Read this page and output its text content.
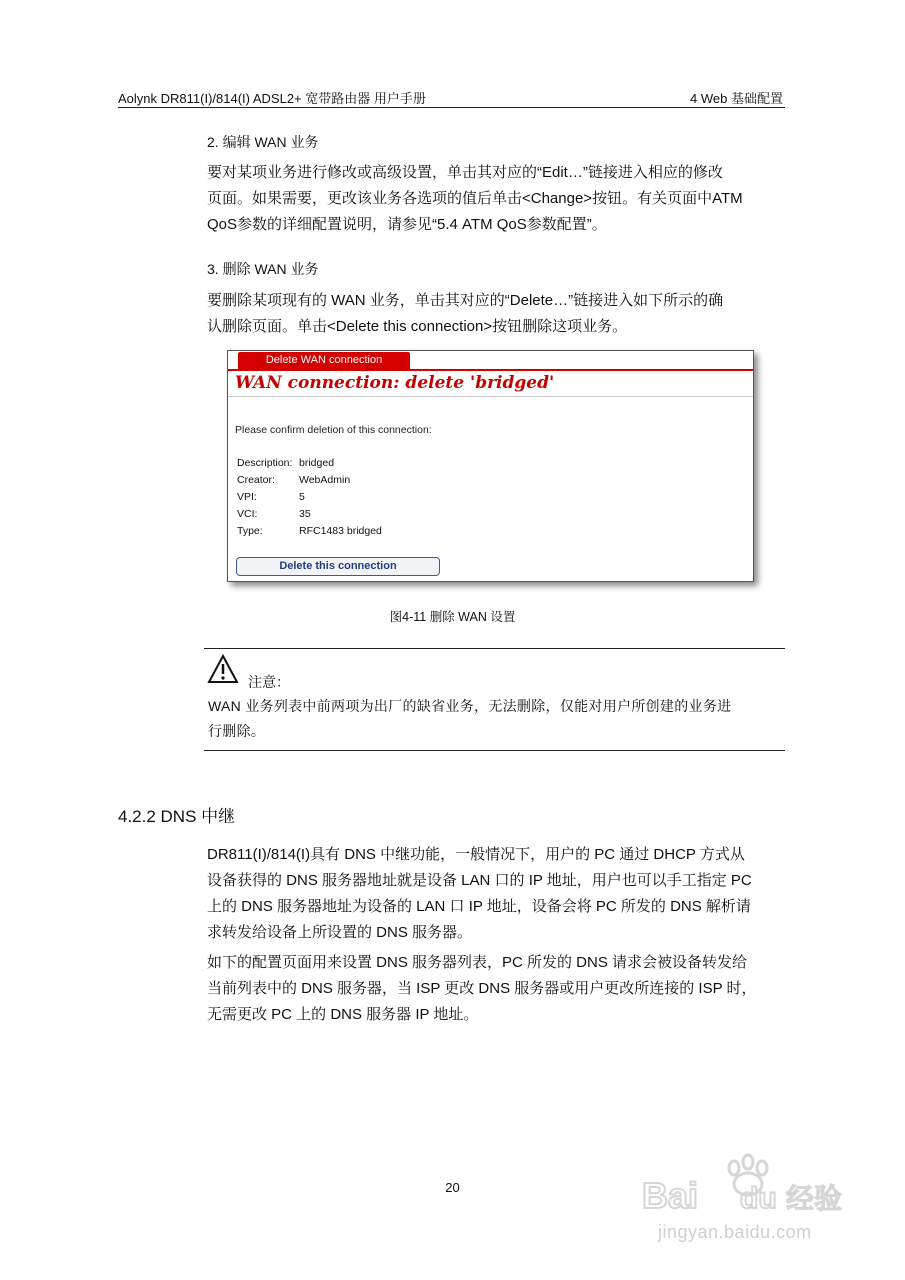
Aolynk DR811(I)/814(I) ADSL2+ 宽带路由器 用户手册	4 Web 基础配置
2. 编辑 WAN 业务
要对某项业务进行修改或高级设置，单击其对应的“Edit…”链接进入相应的修改
页面。如果需要，更改该业务各选项的值后单击<Change>按钮。有关页面中ATM
QoS参数的详细配置说明，请参见“5.4 ATM QoS参数配置”。
3. 删除 WAN 业务
要删除某项现有的 WAN 业务，单击其对应的“Delete…”链接进入如下所示的确
认删除页面。单击<Delete this connection>按钮删除这项业务。
Delete WAN connection
WAN connection: delete 'bridged'
Please confirm deletion of this connection:
Description: bridged
Creator: WebAdmin
VPI:	5
VCI:	35
Type:	RFC1483 bridged
Delete this connection
图4-11 删除 WAN 设置
注意：
WAN 业务列表中前两项为出厂的缺省业务，无法删除，仅能对用户所创建的业务进
行删除。
4.2.2 DNS 中继
DR811(I)/814(I)具有 DNS 中继功能，一般情况下，用户的 PC 通过 DHCP 方式从
设备获得的 DNS 服务器地址就是设备 LAN 口的 IP 地址，用户也可以手工指定 PC
上的 DNS 服务器地址为设备的 LAN 口 IP 地址，设备会将 PC 所发的 DNS 解析请
求转发给设备上所设置的 DNS 服务器。
如下的配置页面用来设置 DNS 服务器列表，PC 所发的 DNS 请求会被设备转发给
当前列表中的 DNS 服务器，当 ISP 更改 DNS 服务器或用户更改所连接的 ISP 时，
无需更改 PC 上的 DNS 服务器 IP 地址。
20	Bai du 经验
jingyan.baidu.com
